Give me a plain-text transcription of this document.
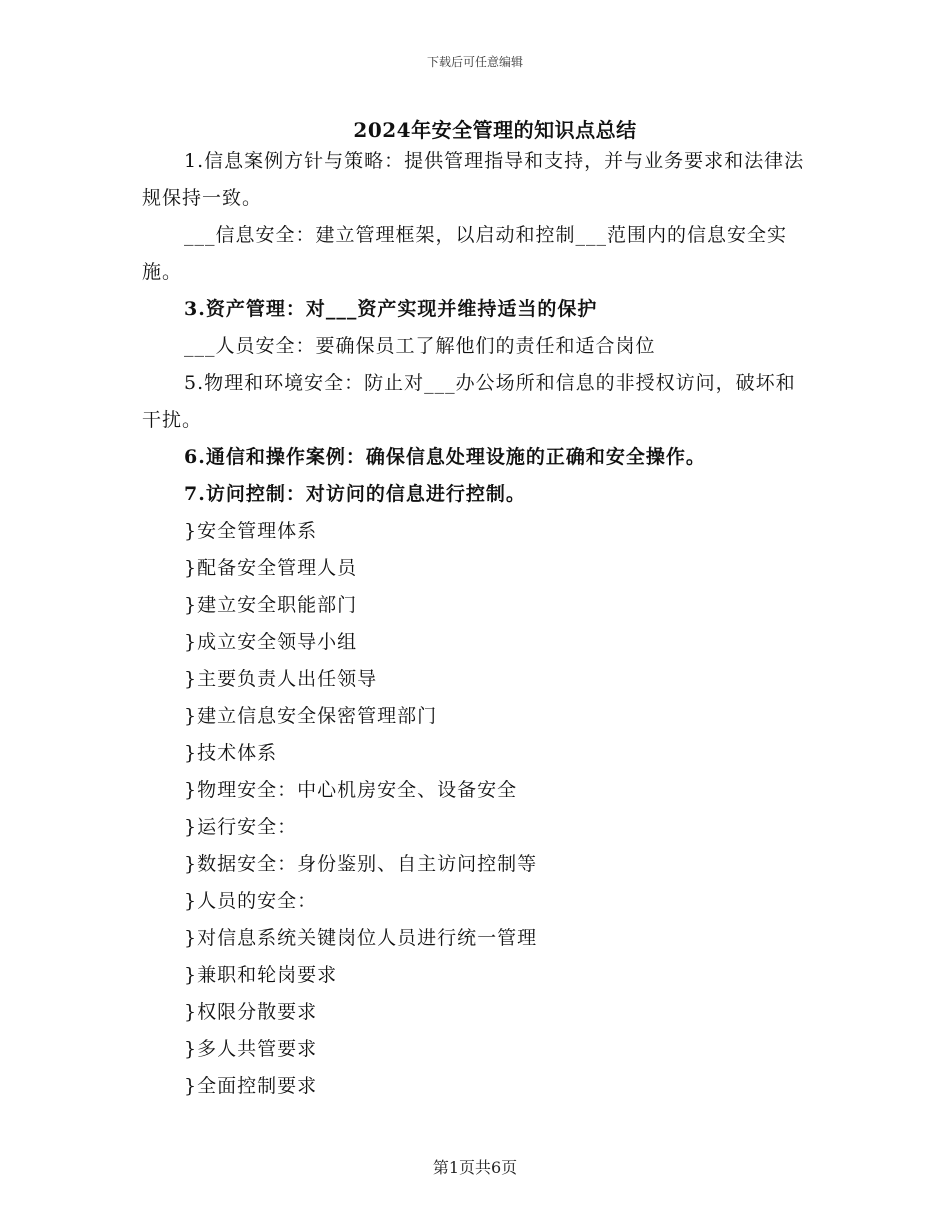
下载后可任意编辑
2024年安全管理的知识点总结

1.信息案例方针与策略：提供管理指导和支持，并与业务要求和法律法规保持一致。

___信息安全：建立管理框架，以启动和控制___范围内的信息安全实施。

3.资产管理：对___资产实现并维持适当的保护

___人员安全：要确保员工了解他们的责任和适合岗位

5.物理和环境安全：防止对___办公场所和信息的非授权访问，破坏和干扰。

6.通信和操作案例：确保信息处理设施的正确和安全操作。

7.访问控制：对访问的信息进行控制。

}安全管理体系

}配备安全管理人员

}建立安全职能部门

}成立安全领导小组

}主要负责人出任领导

}建立信息安全保密管理部门

}技术体系

}物理安全：中心机房安全、设备安全

}运行安全：

}数据安全：身份鉴别、自主访问控制等

}人员的安全：

}对信息系统关键岗位人员进行统一管理

}兼职和轮岗要求

}权限分散要求

}多人共管要求

}全面控制要求

第1页共6页
